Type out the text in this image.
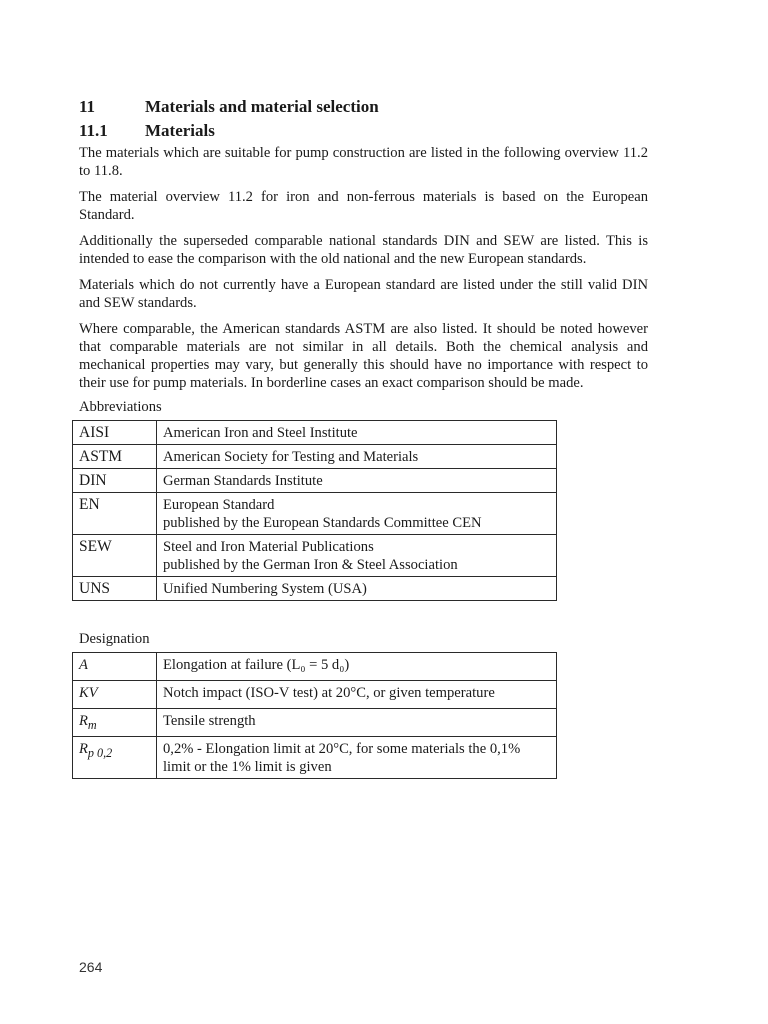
11	Materials and material selection
11.1	Materials

The materials which are suitable for pump construction are listed in the following overview 11.2 to 11.8.

The material overview 11.2 for iron and non-ferrous materials is based on the European Standard.

Additionally the superseded comparable national standards DIN and SEW are listed. This is intended to ease the comparison with the old national and the new European standards.

Materials which do not currently have a European standard are listed under the still valid DIN and SEW standards.

Where comparable, the American standards ASTM are also listed. It should be noted however that comparable materials are not similar in all details. Both the chemical analysis and mechanical properties may vary, but generally this should have no importance with respect to their use for pump materials. In borderline cases an exact comparison should be made.

Abbreviations
AISI	American Iron and Steel Institute

ASTM	American Society for Testing and Materials

DIN	German Standards Institute

EN	European Standard
published by the European Standards Committee CEN

SEW	Steel and Iron Material Publications
published by the German Iron & Steel Association

UNS	Unified Numbering System (USA)
Designation
A	Elongation at failure (L₀ = 5 d₀)
KV	Notch impact (ISO-V test) at 20°C, or given temperature
$R_m$	Tensile strength
$R_{p 0,2}$	0,2% - Elongation limit at 20°C, for some materials the 0,1% limit or the 1% limit is given
264
